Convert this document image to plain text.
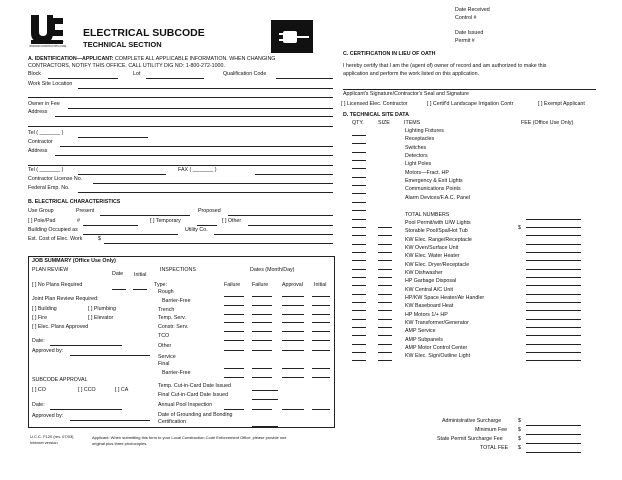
NEW JERSEY
UNIFORM CONSTRUCTION CODE
ELECTRICAL SUBCODE
TECHNICAL SECTION
Date Received
Control #
Date Issued
Permit #
A. IDENTIFICATION—APPLICANT: COMPLETE ALL APPLICABLE INFORMATION. WHEN CHANGING
CONTRACTORS, NOTIFY THIS OFFICE. CALL UTILITY DIG NO: 1-800-272-1000.
Block	Lot	Qualification Code
Work Site Location
Owner in Fee
Address
Tel ( _______ )
Contractor
Address
Tel ( _______ )	FAX ( _______ )
Contractor License No.
Federal Emp. No.
B. ELECTRICAL CHARACTERISTICS
Use Group	Present	Proposed
[ ] Pole/Pad	#	[ ] Temporary	[ ] Other
Building Occupied as	Utility Co.
Est. Cost of Elec. Work	$
JOB SUMMARY (Office Use Only)
PLAN REVIEW
Date Initial
[ ] No Plans Required
Joint Plan Review Required:
[ ] Building	[ ] Plumbing
[ ] Fire	[ ] Elevator
[ ] Elec. Plans Approved
Date:
Approved by:
SUBCODE APPROVAL
[ ] CO	[ ] CCO	[ ] CA
Date:
Approved by:
INSPECTIONS	Dates (Month/Day)
Type:	Failure Failure	Approval Initial
Rough
Barrier-Free
Trench
Temp. Serv.
Constr. Serv.
TCO
Other
Service
Final
Barrier-Free
Temp. Cut-in-Card Date Issued
Final Cut-in-Card Date Issued
Annual Pool Inspection
Date of Grounding and Bonding
Certification
U.C.C. F120 (rev. 07/03)
Internet version
Applicant: When submitting this form to your Local Construction Code Enforcement Office, please provide one
original plus three photocopies.
C. CERTIFICATION IN LIEU OF OATH
I hereby certify that I am the (agent of) owner of record and am authorized to make this
application and perform the work listed on this application.
Applicant's Signature/Contractor's Seal and Signature
[ ] Licensed Elec. Contractor	[ ] Certif'd Landscape Irrigation Contr	[ ] Exempt Applicant
D. TECHNICAL SITE DATA
QTY.	SIZE	ITEMS	FEE (Office Use Only)
Lighting Fixtures
Receptacles
Switches
Detectors
Light Poles
Motors—Fract. HP
Emergency & Exit Lights
Communications Points
Alarm Devices/F.A.C. Panel
TOTAL NUMBERS
Pool Permit/with U/W Lights
Storable Pool/Spa/Hot Tub
KW Elec. Range/Receptacle
KW Oven/Surface Unit
KW Elec. Water Heater
KW Elec. Dryer/Receptacle
KW Dishwasher
HP Garbage Disposal
KW Central A/C Unit
HP/KW Space Heater/Air Handler
KW Baseboard Heat
HP Motors 1/+ HP
KW Transformer/Generator
AMP Service
AMP Subpanels
AMP Motor Control Center
KW Elec. Sign/Outline Light
$
Administrative Surcharge	$
Minimum Fee $
State Permit Surcharge Fee	$
TOTAL FEE $
